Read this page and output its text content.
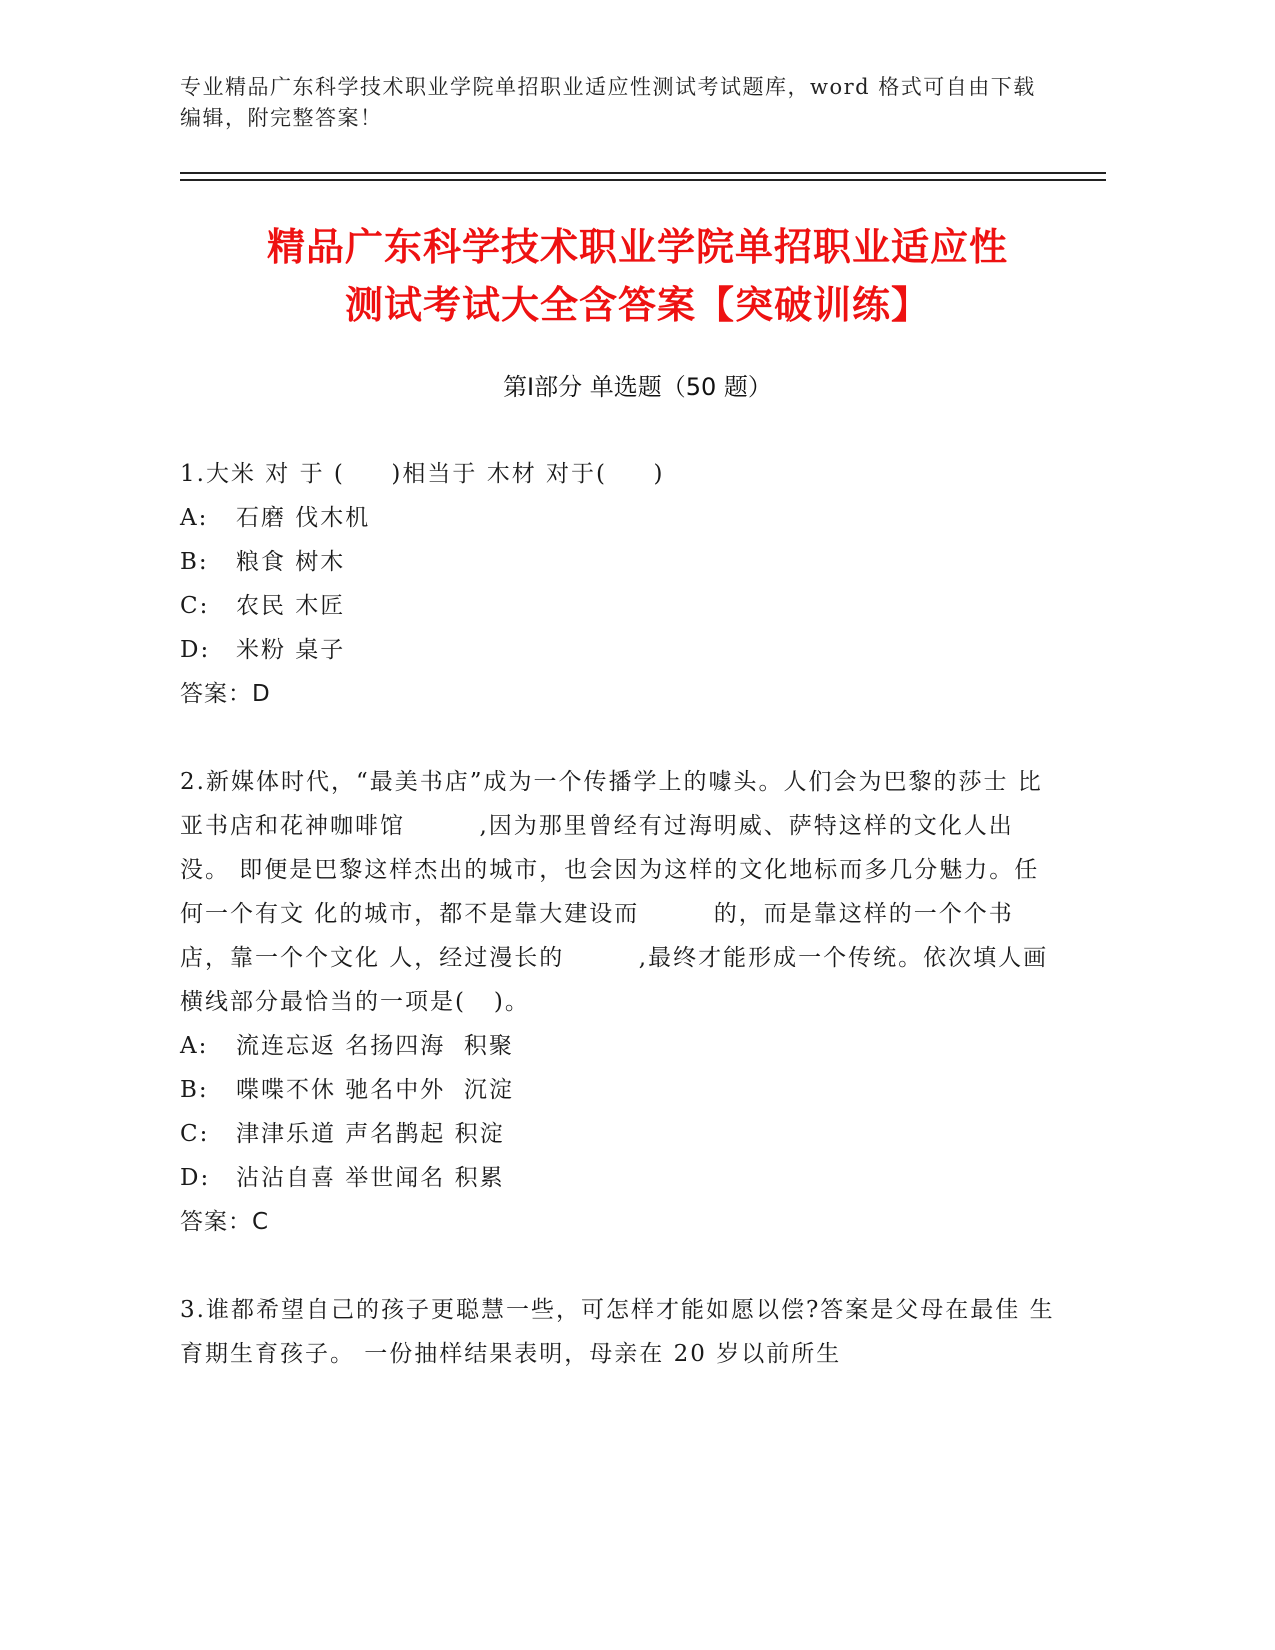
专业精品广东科学技术职业学院单招职业适应性测试考试题库，word 格式可自由下载编辑，附完整答案！
精品广东科学技术职业学院单招职业适应性
测试考试大全含答案【突破训练】
第Ⅰ部分 单选题（50 题）

1.大米 对 于 (     )相当于 木材 对于(     )

A:	石磨 伐木机
B:	粮食 树木
C:	农民 木匠
D:	米粉 桌子
答案：D

2.新媒体时代，“最美书店”成为一个传播学上的噱头。人们会为巴黎的莎士 比亚书店和花神咖啡馆        ,因为那里曾经有过海明威、萨特这样的文化人出没。 即便是巴黎这样杰出的城市，也会因为这样的文化地标而多几分魅力。任何一个有文 化的城市，都不是靠大建设而        的，而是靠这样的一个个书店，靠一个个文化 人，经过漫长的        ,最终才能形成一个传统。依次填人画横线部分最恰当的一项是(   )。

A:	流连忘返 名扬四海  积聚
B:	喋喋不休 驰名中外  沉淀
C:	津津乐道 声名鹊起 积淀
D:	沾沾自喜 举世闻名 积累
答案：C

3.谁都希望自己的孩子更聪慧一些，可怎样才能如愿以偿?答案是父母在最佳 生育期生育孩子。 一份抽样结果表明，母亲在 20 岁以前所生
